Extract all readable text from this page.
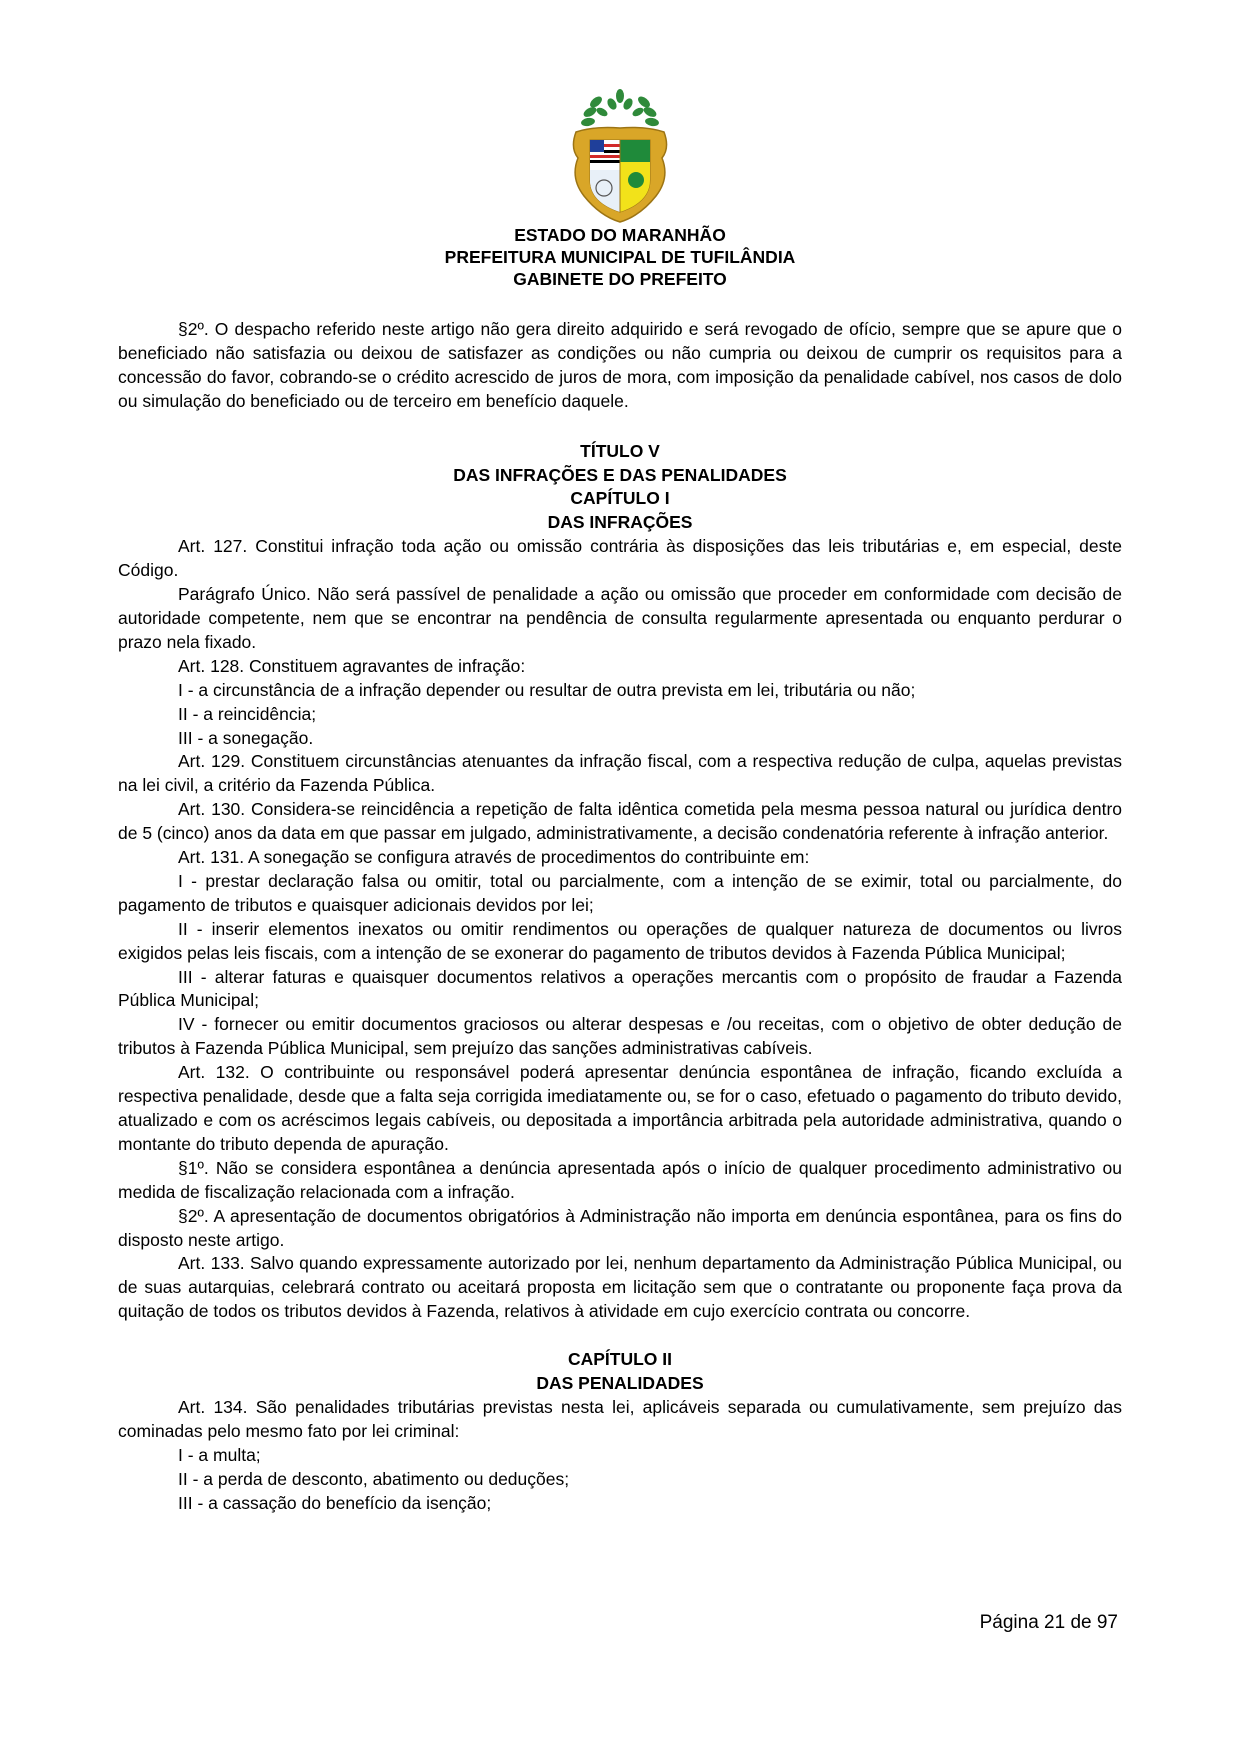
ESTADO DO MARANHÃO
PREFEITURA MUNICIPAL DE TUFILÂNDIA
GABINETE DO PREFEITO

§2º. O despacho referido neste artigo não gera direito adquirido e será revogado de ofício, sempre que se apure que o beneficiado não satisfazia ou deixou de satisfazer as condições ou não cumpria ou deixou de cumprir os requisitos para a concessão do favor, cobrando-se o crédito acrescido de juros de mora, com imposição da penalidade cabível, nos casos de dolo ou simulação do beneficiado ou de terceiro em benefício daquele.

TÍTULO V
DAS INFRAÇÕES E DAS PENALIDADES
CAPÍTULO I
DAS INFRAÇÕES

Art. 127. Constitui infração toda ação ou omissão contrária às disposições das leis tributárias e, em especial, deste Código.

Parágrafo Único. Não será passível de penalidade a ação ou omissão que proceder em conformidade com decisão de autoridade competente, nem que se encontrar na pendência de consulta regularmente apresentada ou enquanto perdurar o prazo nela fixado.

Art. 128. Constituem agravantes de infração:

I - a circunstância de a infração depender ou resultar de outra prevista em lei, tributária ou não;

II - a reincidência;

III - a sonegação.

Art. 129. Constituem circunstâncias atenuantes da infração fiscal, com a respectiva redução de culpa, aquelas previstas na lei civil, a critério da Fazenda Pública.

Art. 130. Considera-se reincidência a repetição de falta idêntica cometida pela mesma pessoa natural ou jurídica dentro de 5 (cinco) anos da data em que passar em julgado, administrativamente, a decisão condenatória referente à infração anterior.

Art. 131. A sonegação se configura através de procedimentos do contribuinte em:

I - prestar declaração falsa ou omitir, total ou parcialmente, com a intenção de se eximir, total ou parcialmente, do pagamento de tributos e quaisquer adicionais devidos por lei;

II - inserir elementos inexatos ou omitir rendimentos ou operações de qualquer natureza de documentos ou livros exigidos pelas leis fiscais, com a intenção de se exonerar do pagamento de tributos devidos à Fazenda Pública Municipal;

III - alterar faturas e quaisquer documentos relativos a operações mercantis com o propósito de fraudar a Fazenda Pública Municipal;

IV - fornecer ou emitir documentos graciosos ou alterar despesas e /ou receitas, com o objetivo de obter dedução de tributos à Fazenda Pública Municipal, sem prejuízo das sanções administrativas cabíveis.

Art. 132. O contribuinte ou responsável poderá apresentar denúncia espontânea de infração, ficando excluída a respectiva penalidade, desde que a falta seja corrigida imediatamente ou, se for o caso, efetuado o pagamento do tributo devido, atualizado e com os acréscimos legais cabíveis, ou depositada a importância arbitrada pela autoridade administrativa, quando o montante do tributo dependa de apuração.

§1º. Não se considera espontânea a denúncia apresentada após o início de qualquer procedimento administrativo ou medida de fiscalização relacionada com a infração.

§2º. A apresentação de documentos obrigatórios à Administração não importa em denúncia espontânea, para os fins do disposto neste artigo.

Art. 133. Salvo quando expressamente autorizado por lei, nenhum departamento da Administração Pública Municipal, ou de suas autarquias, celebrará contrato ou aceitará proposta em licitação sem que o contratante ou proponente faça prova da quitação de todos os tributos devidos à Fazenda, relativos à atividade em cujo exercício contrata ou concorre.

CAPÍTULO II
DAS PENALIDADES

Art. 134. São penalidades tributárias previstas nesta lei, aplicáveis separada ou cumulativamente, sem prejuízo das cominadas pelo mesmo fato por lei criminal:

I - a multa;

II - a perda de desconto, abatimento ou deduções;

III - a cassação do benefício da isenção;

Página 21 de 97
